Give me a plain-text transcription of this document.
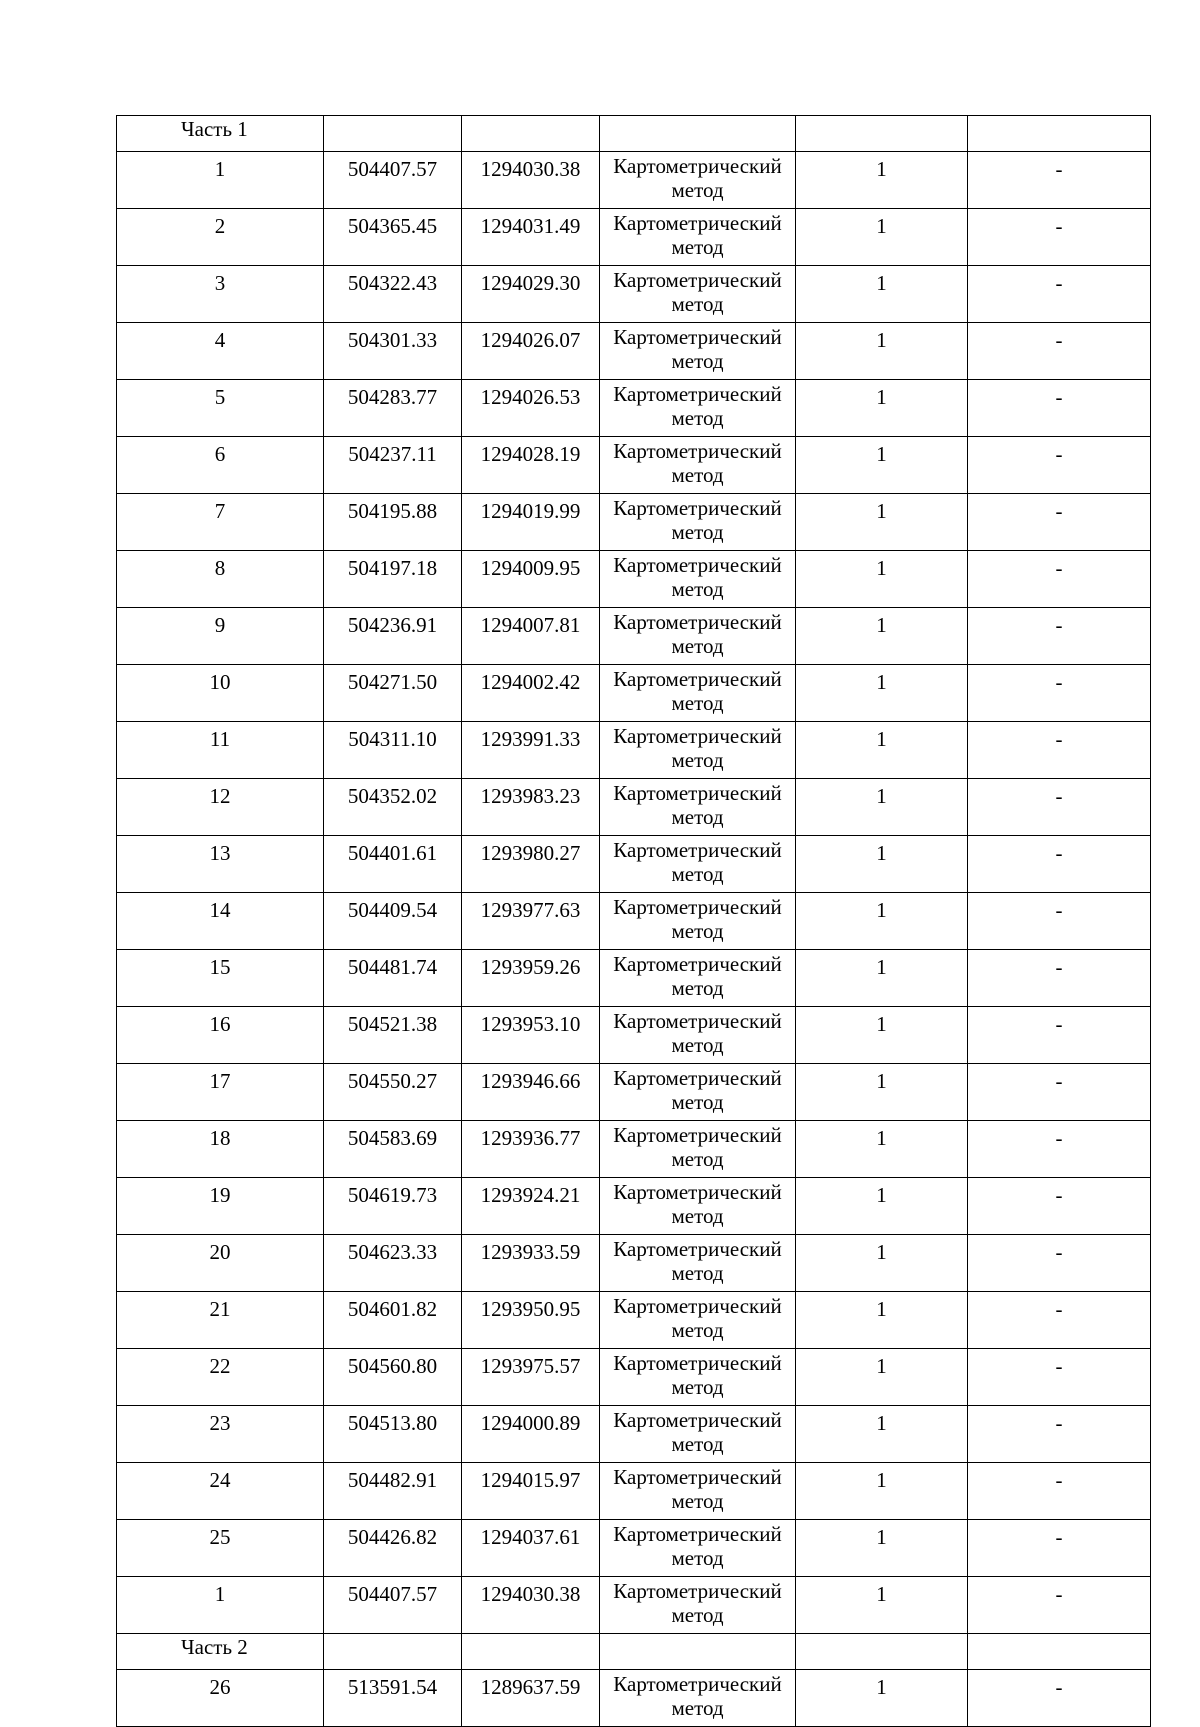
Часть 1					
1	504407.57	1294030.38	Картометрический
метод	1	-
2	504365.45	1294031.49	Картометрический
метод	1	-
3	504322.43	1294029.30	Картометрический
метод	1	-
4	504301.33	1294026.07	Картометрический
метод	1	-
5	504283.77	1294026.53	Картометрический
метод	1	-
6	504237.11	1294028.19	Картометрический
метод	1	-
7	504195.88	1294019.99	Картометрический
метод	1	-
8	504197.18	1294009.95	Картометрический
метод	1	-
9	504236.91	1294007.81	Картометрический
метод	1	-
10	504271.50	1294002.42	Картометрический
метод	1	-
11	504311.10	1293991.33	Картометрический
метод	1	-
12	504352.02	1293983.23	Картометрический
метод	1	-
13	504401.61	1293980.27	Картометрический
метод	1	-
14	504409.54	1293977.63	Картометрический
метод	1	-
15	504481.74	1293959.26	Картометрический
метод	1	-
16	504521.38	1293953.10	Картометрический
метод	1	-
17	504550.27	1293946.66	Картометрический
метод	1	-
18	504583.69	1293936.77	Картометрический
метод	1	-
19	504619.73	1293924.21	Картометрический
метод	1	-
20	504623.33	1293933.59	Картометрический
метод	1	-
21	504601.82	1293950.95	Картометрический
метод	1	-
22	504560.80	1293975.57	Картометрический
метод	1	-
23	504513.80	1294000.89	Картометрический
метод	1	-
24	504482.91	1294015.97	Картометрический
метод	1	-
25	504426.82	1294037.61	Картометрический
метод	1	-
1	504407.57	1294030.38	Картометрический
метод	1	-
Часть 2					
26	513591.54	1289637.59	Картометрический
метод	1	-
